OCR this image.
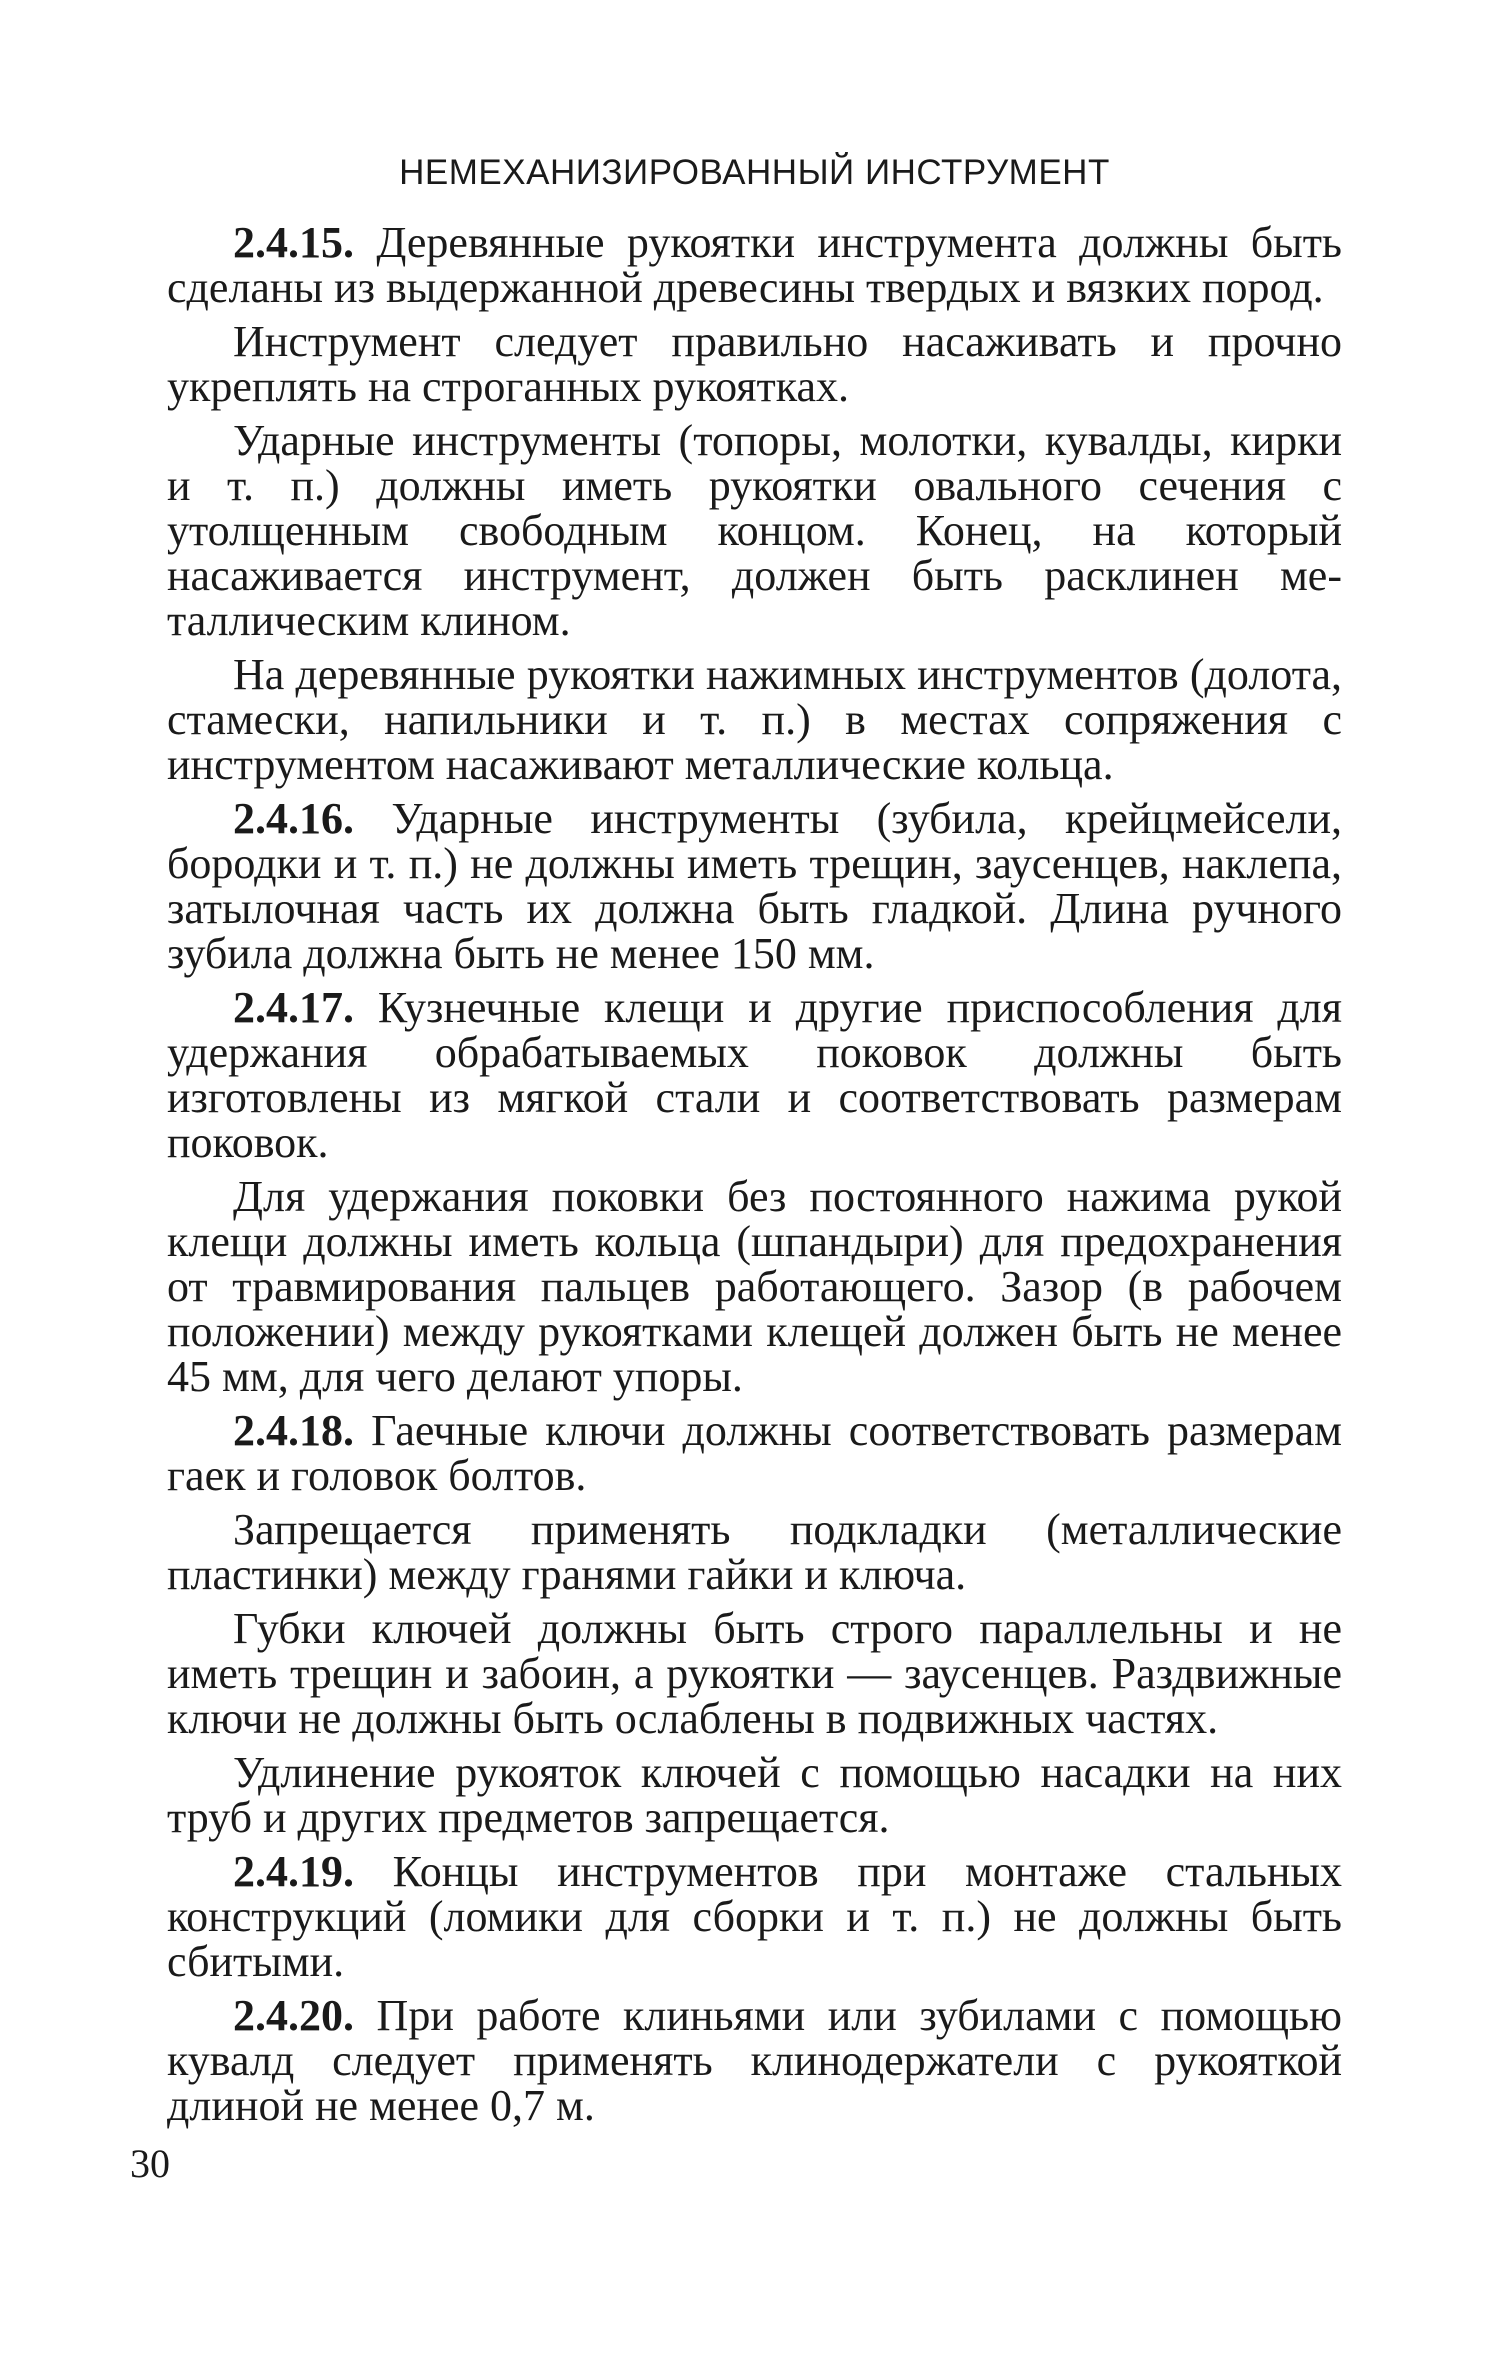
НЕМЕХАНИЗИРОВАННЫЙ ИНСТРУМЕНТ

2.4.15. Деревянные рукоятки инструмента должны быть сделаны из выдержанной древесины твердых и вязких пород.

Инструмент следует правильно насаживать и прочно укреплять на строганных рукоятках.

Ударные инструменты (топоры, молотки, кувалды, кирки и т. п.) должны иметь рукоятки овального сечения с утолщенным свободным концом. Конец, на который насаживается инструмент, должен быть расклинен металлическим клином.

На деревянные рукоятки нажимных инструментов (долота, стамески, напильники и т. п.) в местах сопряжения с инструментом насаживают металлические кольца.

2.4.16. Ударные инструменты (зубила, крейцмейсели, бородки и т. п.) не должны иметь трещин, заусенцев, наклепа, затылочная часть их должна быть гладкой. Длина ручного зубила должна быть не менее 150 мм.

2.4.17. Кузнечные клещи и другие приспособления для удержания обрабатываемых поковок должны быть изготовлены из мягкой стали и соответствовать размерам поковок.

Для удержания поковки без постоянного нажима рукой клещи должны иметь кольца (шпандыри) для предохранения от травмирования пальцев работающего. Зазор (в рабочем положении) между рукоятками клещей должен быть не менее 45 мм, для чего делают упоры.

2.4.18. Гаечные ключи должны соответствовать размерам гаек и головок болтов.

Запрещается применять подкладки (металлические пластинки) между гранями гайки и ключа.

Губки ключей должны быть строго параллельны и не иметь трещин и забоин, а рукоятки — заусенцев. Раздвижные ключи не должны быть ослаблены в подвижных частях.

Удлинение рукояток ключей с помощью насадки на них труб и других предметов запрещается.

2.4.19. Концы инструментов при монтаже стальных конструкций (ломики для сборки и т. п.) не должны быть сбитыми.

2.4.20. При работе клиньями или зубилами с помощью кувалд следует применять клинодержатели с рукояткой длиной не менее 0,7 м.

30
